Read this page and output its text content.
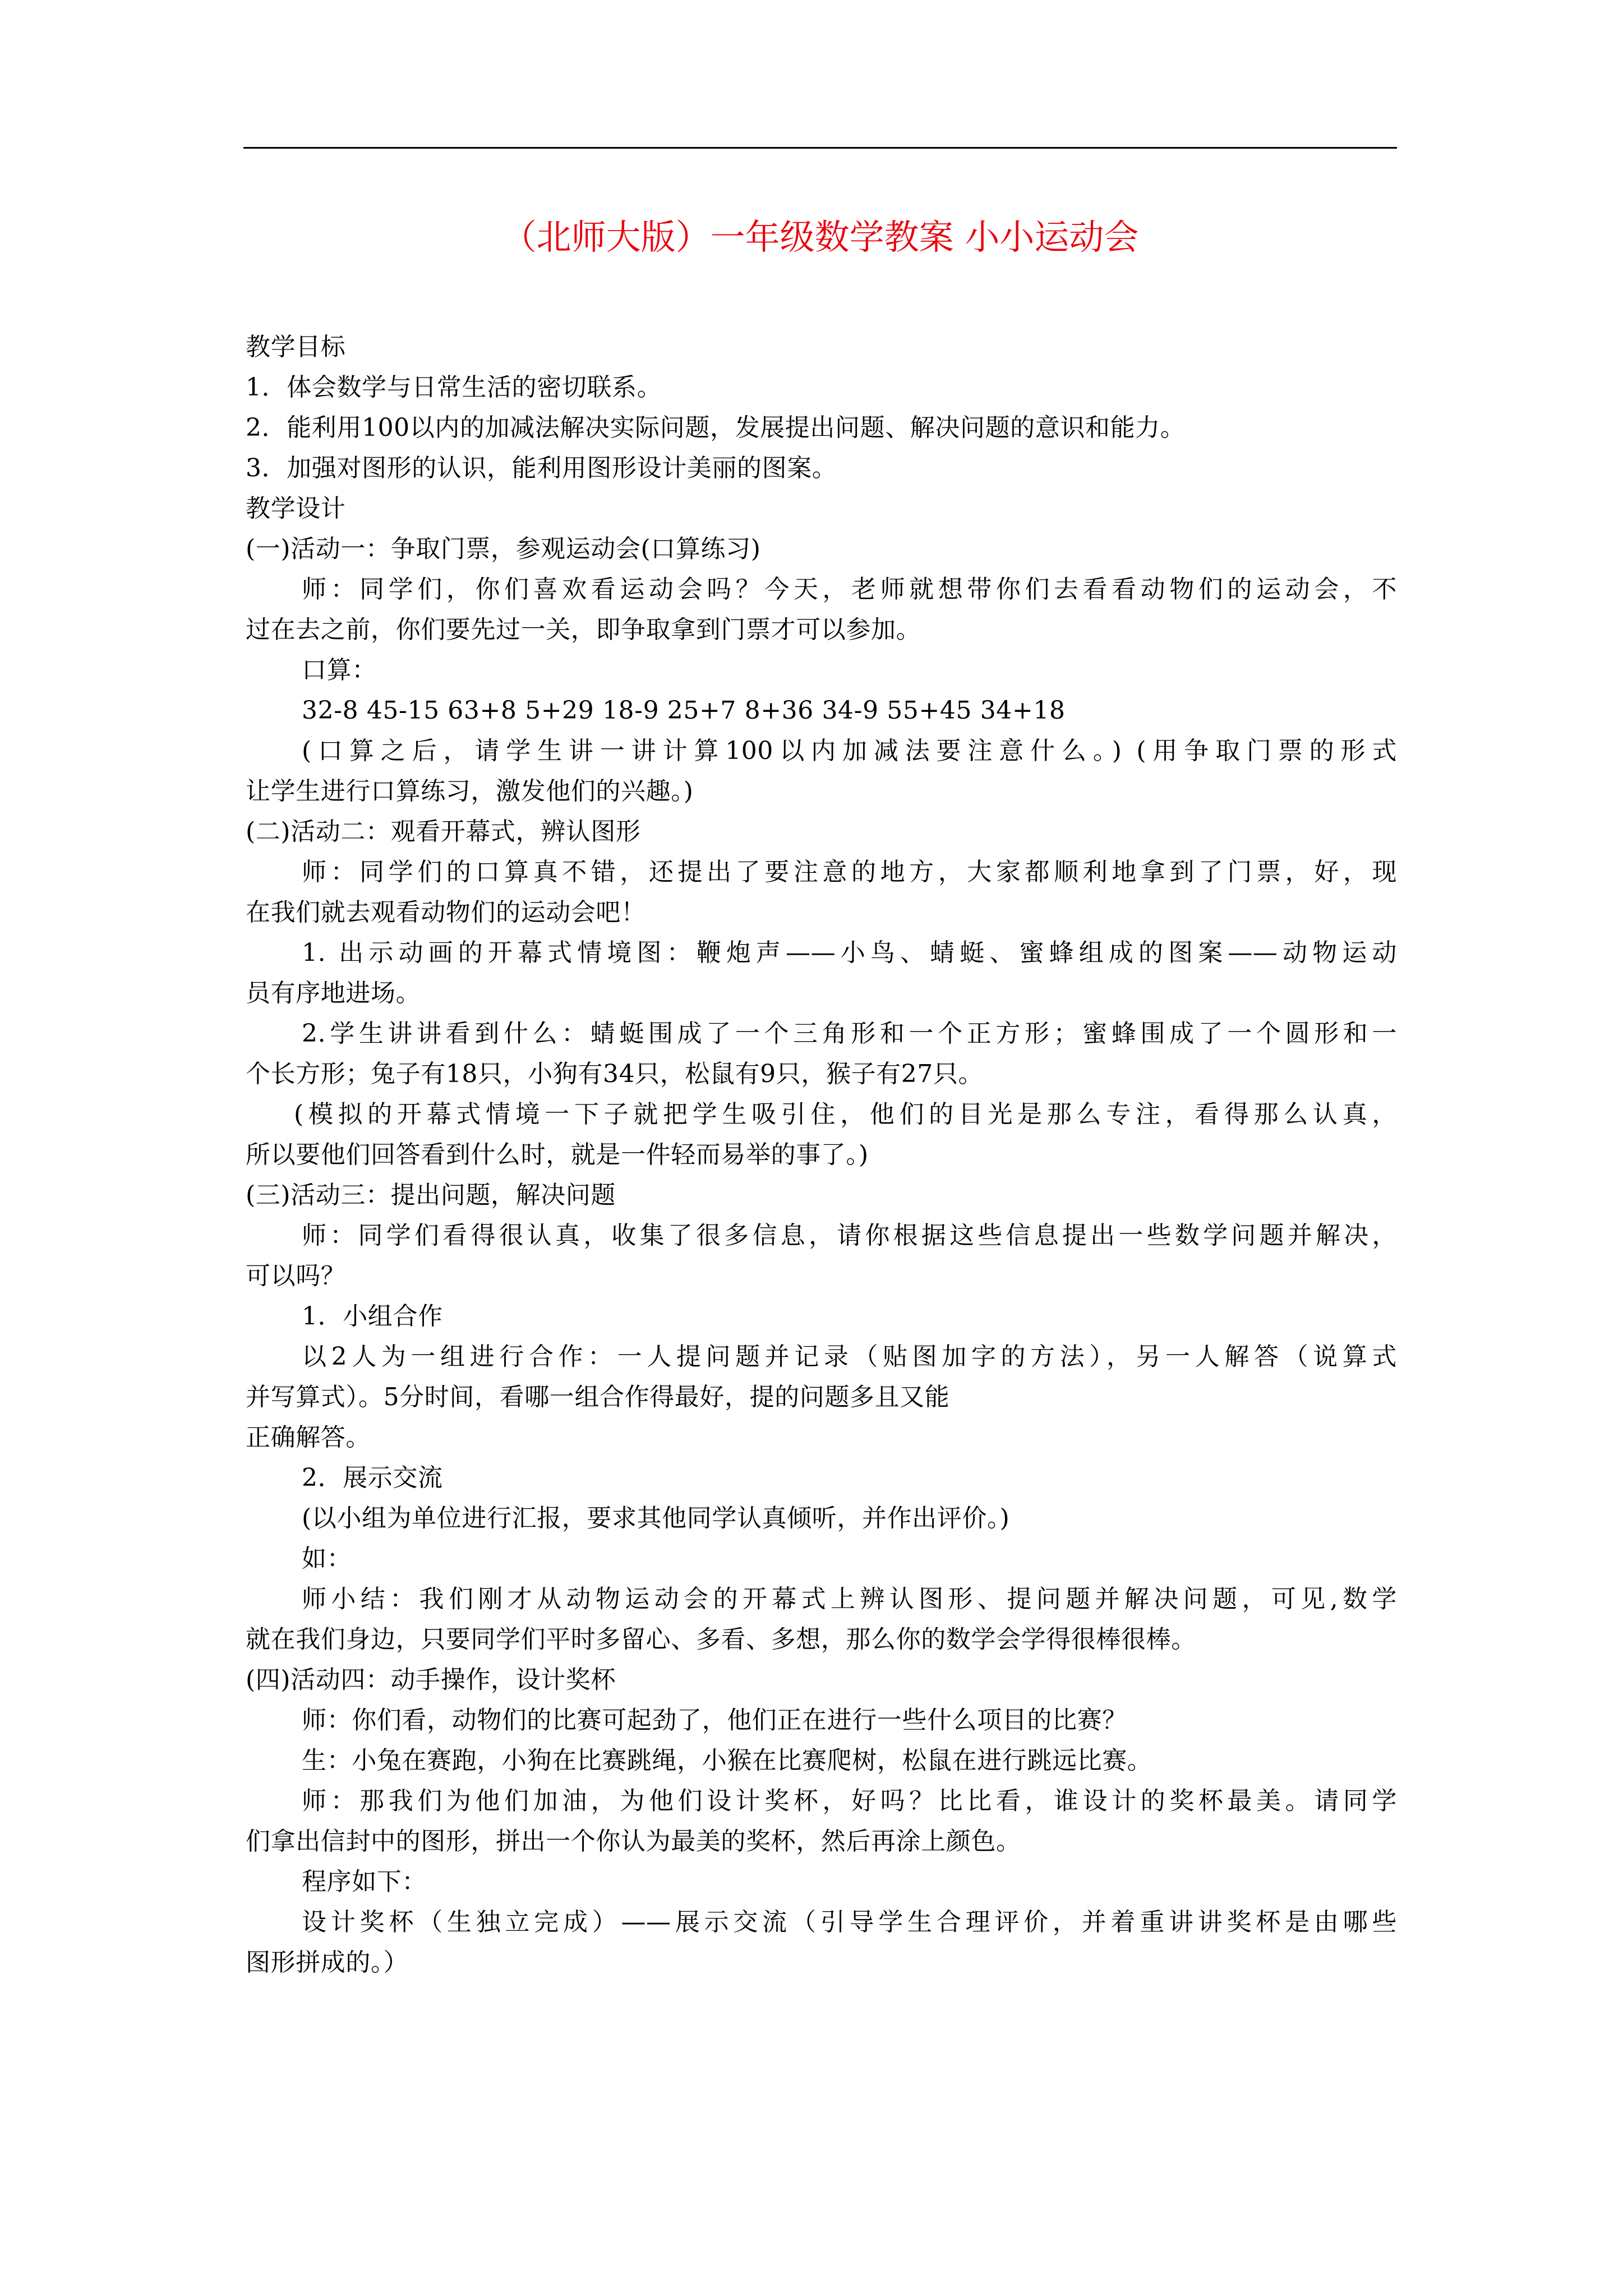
（北师大版）一年级数学教案 小小运动会
教学目标
1．体会数学与日常生活的密切联系。
2．能利用100以内的加减法解决实际问题，发展提出问题、解决问题的意识和能力。
3．加强对图形的认识，能利用图形设计美丽的图案。
教学设计
(一)活动一：争取门票，参观运动会(口算练习)
师：同学们，你们喜欢看运动会吗？今天，老师就想带你们去看看动物们的运动会，不
过在去之前，你们要先过一关，即争取拿到门票才可以参加。
口算：
32-8 45-15 63+8 5+29 18-9 25+7 8+36 34-9 55+45 34+18
(口算之后，请学生讲一讲计算100以内加减法要注意什么。) (用争取门票的形式
让学生进行口算练习，激发他们的兴趣。)
(二)活动二：观看开幕式，辨认图形
师：同学们的口算真不错，还提出了要注意的地方，大家都顺利地拿到了门票，好，现
在我们就去观看动物们的运动会吧！
1. 出示动画的开幕式情境图：鞭炮声——小鸟、蜻蜓、蜜蜂组成的图案——动物运动
员有序地进场。
2.学生讲讲看到什么：蜻蜓围成了一个三角形和一个正方形；蜜蜂围成了一个圆形和一
个长方形；兔子有18只，小狗有34只，松鼠有9只，猴子有27只。
(模拟的开幕式情境一下子就把学生吸引住，他们的目光是那么专注，看得那么认真，
所以要他们回答看到什么时，就是一件轻而易举的事了。)
(三)活动三：提出问题，解决问题
师：同学们看得很认真，收集了很多信息，请你根据这些信息提出一些数学问题并解决，
可以吗？
1．小组合作
以2人为一组进行合作：一人提问题并记录（贴图加字的方法），另一人解答（说算式
并写算式）。5分时间，看哪一组合作得最好，提的问题多且又能
正确解答。
2．展示交流
(以小组为单位进行汇报，要求其他同学认真倾听，并作出评价。)
如：
师小结：我们刚才从动物运动会的开幕式上辨认图形、提问题并解决问题，可见,数学
就在我们身边，只要同学们平时多留心、多看、多想，那么你的数学会学得很棒很棒。
(四)活动四：动手操作，设计奖杯
师：你们看，动物们的比赛可起劲了，他们正在进行一些什么项目的比赛？
生：小兔在赛跑，小狗在比赛跳绳，小猴在比赛爬树，松鼠在进行跳远比赛。
师：那我们为他们加油，为他们设计奖杯，好吗？比比看，谁设计的奖杯最美。请同学
们拿出信封中的图形，拼出一个你认为最美的奖杯，然后再涂上颜色。
程序如下：
设计奖杯（生独立完成）——展示交流（引导学生合理评价，并着重讲讲奖杯是由哪些
图形拼成的。）
